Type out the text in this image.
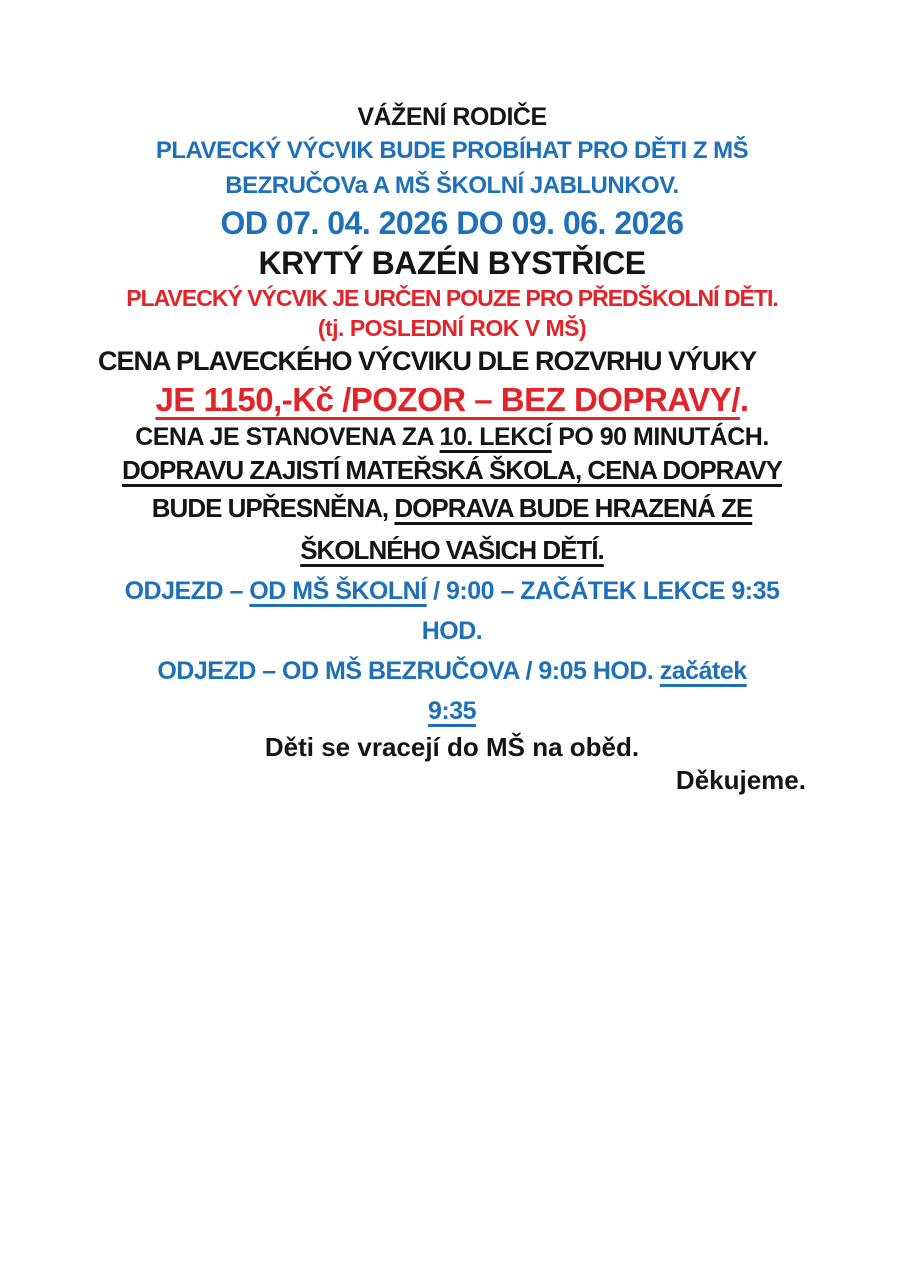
VÁŽENÍ RODIČE

PLAVECKÝ VÝCVIK BUDE PROBÍHAT PRO DĚTI Z MŠ
BEZRUČOVa A MŠ ŠKOLNÍ JABLUNKOV.

OD 07. 04. 2026 DO 09. 06. 2026

KRYTÝ BAZÉN BYSTŘICE

PLAVECKÝ VÝCVIK JE URČEN POUZE PRO PŘEDŠKOLNÍ DĚTI.

(tj. POSLEDNÍ ROK V MŠ)

CENA PLAVECKÉHO VÝCVIKU DLE ROZVRHU VÝUKY

JE 1150,-Kč /POZOR – BEZ DOPRAVY/.

CENA JE STANOVENA ZA 10. LEKCÍ PO 90 MINUTÁCH.

DOPRAVU ZAJISTÍ MATEŘSKÁ ŠKOLA, CENA DOPRAVY

BUDE UPŘESNĚNA, DOPRAVA BUDE HRAZENÁ ZE
ŠKOLNÉHO VAŠICH DĚTÍ.

ODJEZD – OD MŠ ŠKOLNÍ / 9:00 – ZAČÁTEK LEKCE 9:35
HOD.

ODJEZD – OD MŠ BEZRUČOVA / 9:05 HOD. začátek
9:35

Děti se vracejí do MŠ na oběd.

Děkujeme.
